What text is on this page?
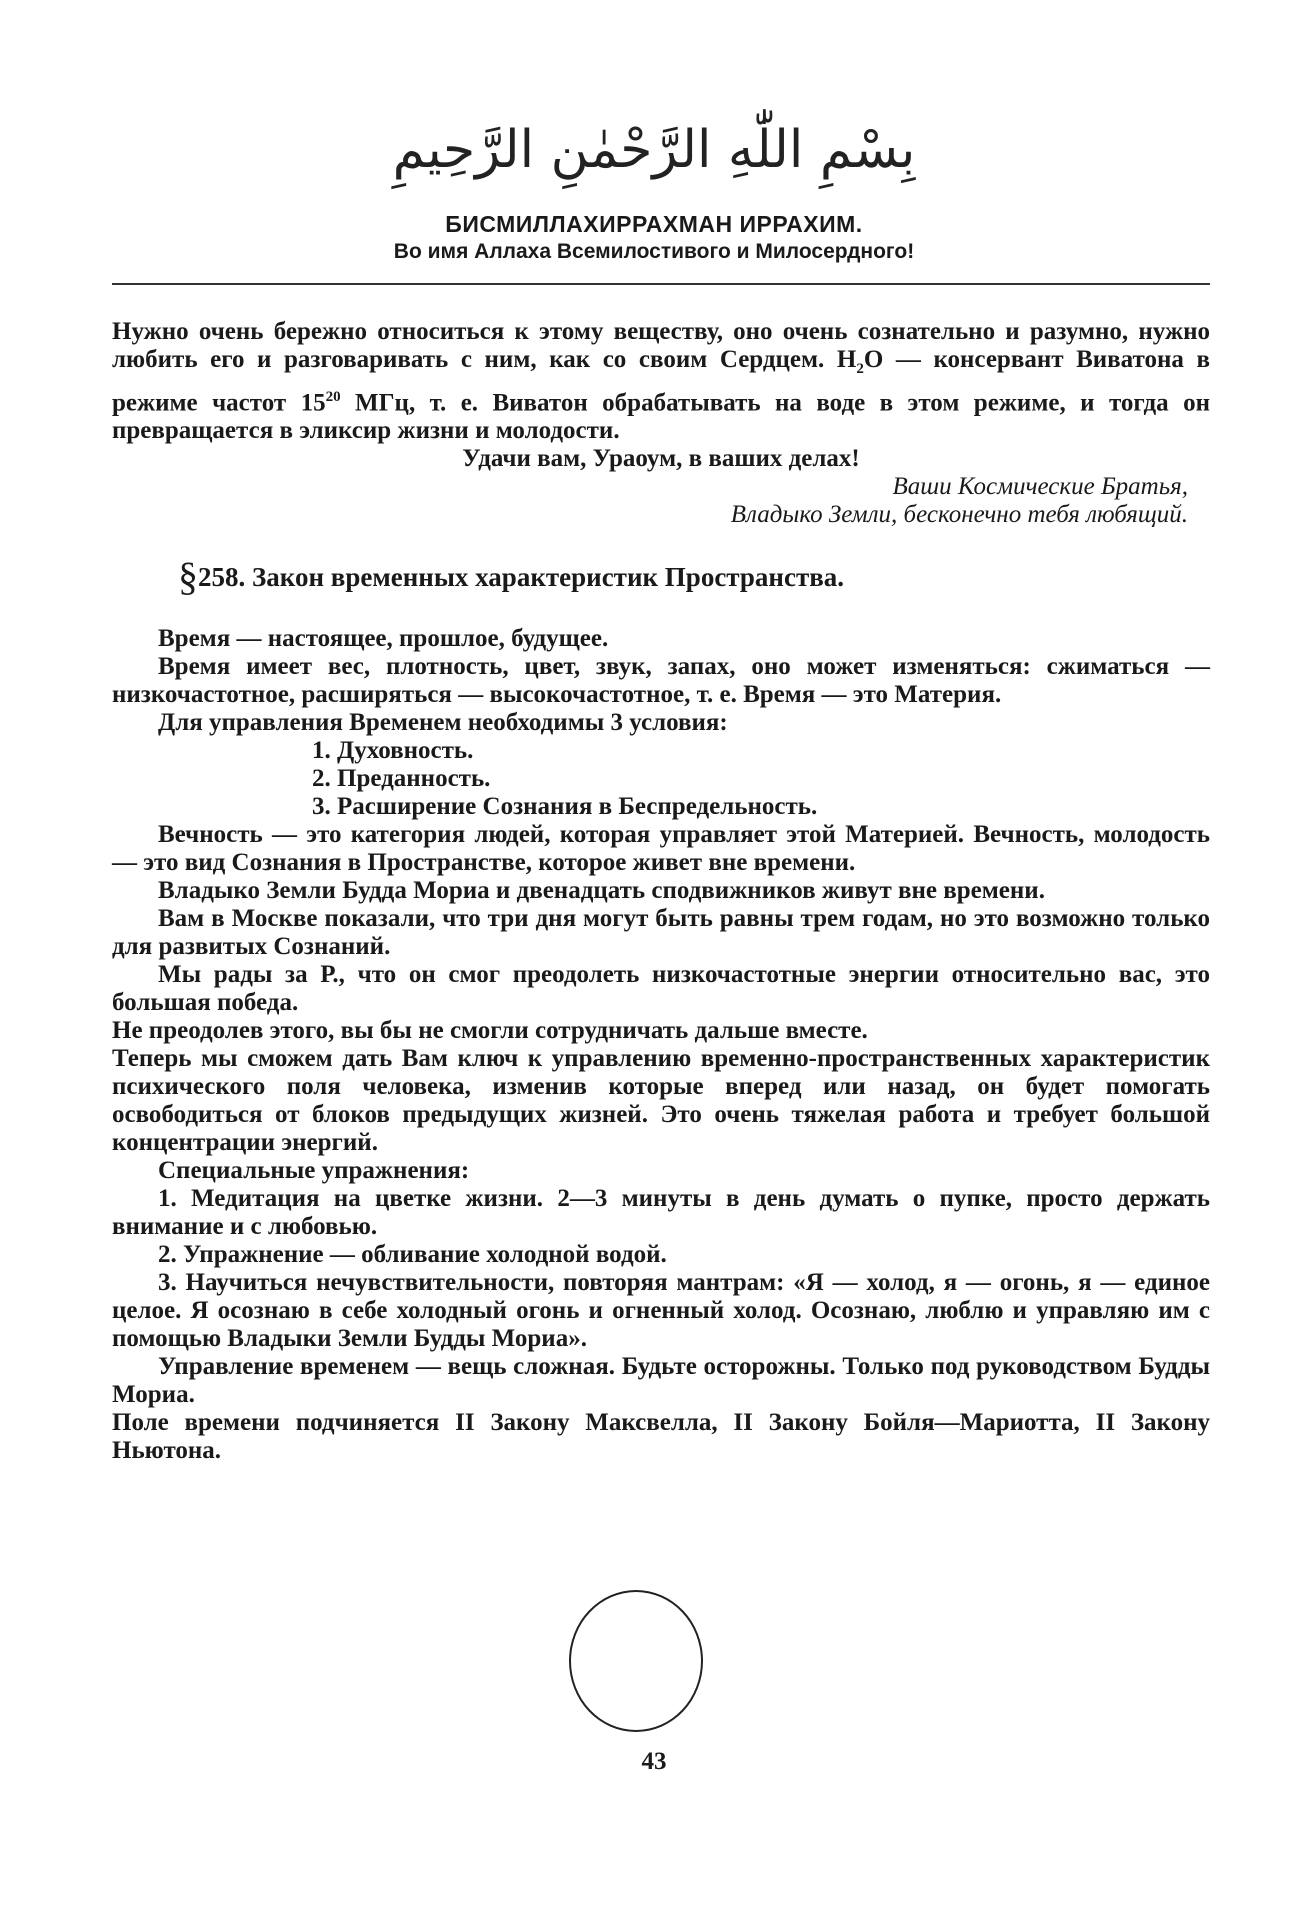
بِسْمِ اللّٰهِ الرَّحْمٰنِ الرَّحِيمِ
БИСМИЛЛАХИРРАХМАН ИРРАХИМ.
Во имя Аллаха Всемилостивого и Милосердного!

Нужно очень бережно относиться к этому веществу, оно очень сознательно и разумно, нужно любить его и разговаривать с ним, как со своим Сердцем. $H_2O$ — консервант Виватона в режиме частот $15^{20}$ МГц, т. е. Виватон обрабатывать на воде в этом режиме, и тогда он превращается в эликсир жизни и молодости.

Удачи вам, Ураоум, в ваших делах!

Ваши Космические Братья,
Владыко Земли, бесконечно тебя любящий.
§258. Закон временных характеристик Пространства.

Время — настоящее, прошлое, будущее.

Время имеет вес, плотность, цвет, звук, запах, оно может изменяться: сжиматься — низкочастотное, расширяться — высокочастотное, т. е. Время — это Материя.

Для управления Временем необходимы 3 условия:

1. Духовность.
2. Преданность.
3. Расширение Сознания в Беспредельность.

Вечность — это категория людей, которая управляет этой Материей. Вечность, молодость — это вид Сознания в Пространстве, которое живет вне времени.

Владыко Земли Будда Мориа и двенадцать сподвижников живут вне времени.

Вам в Москве показали, что три дня могут быть равны трем годам, но это возможно только для развитых Сознаний.

Мы рады за Р., что он смог преодолеть низкочастотные энергии относительно вас, это большая победа.

Не преодолев этого, вы бы не смогли сотрудничать дальше вместе.

Теперь мы сможем дать Вам ключ к управлению временно-пространственных характеристик психического поля человека, изменив которые вперед или назад, он будет помогать освободиться от блоков предыдущих жизней. Это очень тяжелая работа и требует большой концентрации энергий.

Специальные упражнения:

1. Медитация на цветке жизни. 2—3 минуты в день думать о пупке, просто держать внимание и с любовью.

2. Упражнение — обливание холодной водой.

3. Научиться нечувствительности, повторяя мантрам: «Я — холод, я — огонь, я — единое целое. Я осознаю в себе холодный огонь и огненный холод. Осознаю, люблю и управляю им с помощью Владыки Земли Будды Мориа».

Управление временем — вещь сложная. Будьте осторожны. Только под руководством Будды Мориа.

Поле времени подчиняется II Закону Максвелла, II Закону Бойля—Мариотта, II Закону Ньютона.

43
